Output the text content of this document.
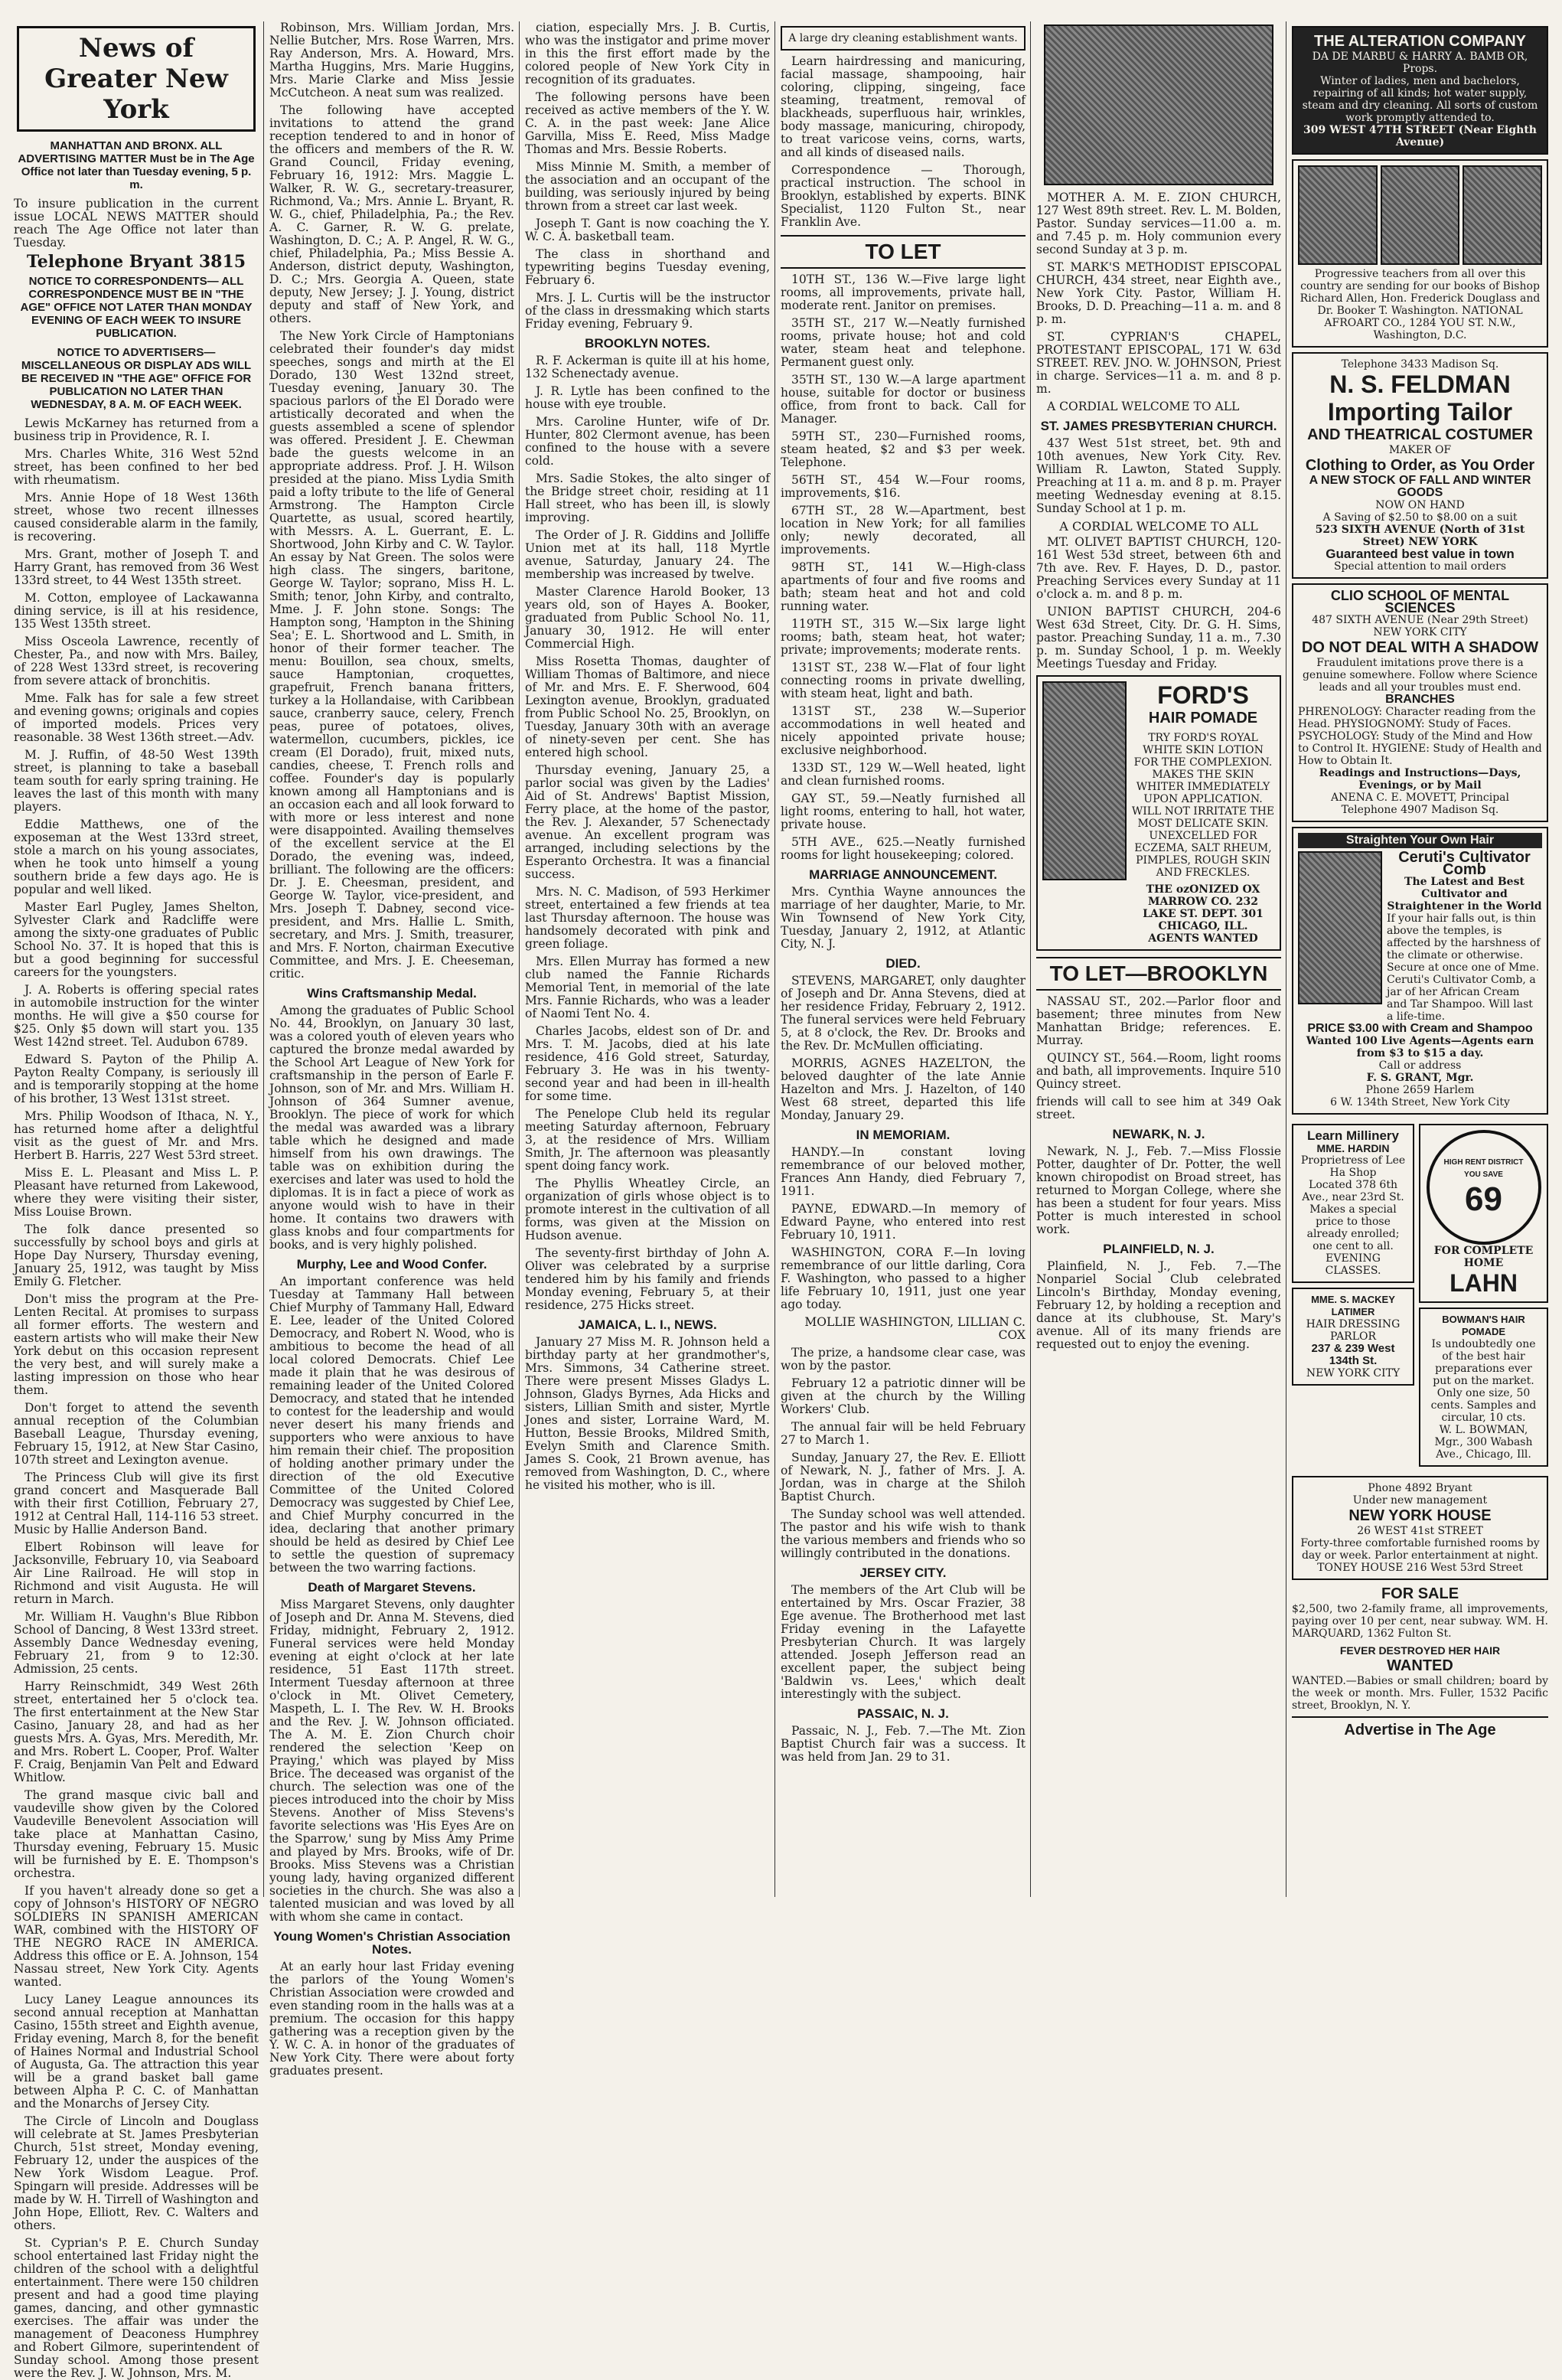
News of Greater New York
MANHATTAN AND BRONX. ALL ADVERTISING MATTER Must be in The Age Office not later than Tuesday evening, 5 p. m.

To insure publication in the current issue LOCAL NEWS MATTER should reach The Age Office not later than Tuesday.

Telephone Bryant 3815
NOTICE TO CORRESPONDENTS— ALL CORRESPONDENCE MUST BE IN "THE AGE" OFFICE NOT LATER THAN MONDAY EVENING OF EACH WEEK TO INSURE PUBLICATION.
NOTICE TO ADVERTISERS—MISCELLANEOUS OR DISPLAY ADS WILL BE RECEIVED IN "THE AGE" OFFICE FOR PUBLICATION NO LATER THAN WEDNESDAY, 8 A. M. OF EACH WEEK.

Lewis McKarney has returned from a business trip in Providence, R. I.

Mrs. Charles White, 316 West 52nd street, has been confined to her bed with rheumatism.

Mrs. Annie Hope of 18 West 136th street, whose two recent illnesses caused considerable alarm in the family, is recovering.

Mrs. Grant, mother of Joseph T. and Harry Grant, has removed from 36 West 133rd street, to 44 West 135th street.

M. Cotton, employee of Lackawanna dining service, is ill at his residence, 135 West 135th street.

Miss Osceola Lawrence, recently of Chester, Pa., and now with Mrs. Bailey, of 228 West 133rd street, is recovering from severe attack of bronchitis.

Mme. Falk has for sale a few street and evening gowns; originals and copies of imported models. Prices very reasonable. 38 West 136th street.—Adv.

M. J. Ruffin, of 48-50 West 139th street, is planning to take a baseball team south for early spring training. He leaves the last of this month with many players.

Eddie Matthews, one of the exposeman at the West 133rd street, stole a march on his young associates, when he took unto himself a young southern bride a few days ago. He is popular and well liked.

Master Earl Pugley, James Shelton, Sylvester Clark and Radcliffe were among the sixty-one graduates of Public School No. 37. It is hoped that this is but a good beginning for successful careers for the youngsters.

J. A. Roberts is offering special rates in automobile instruction for the winter months. He will give a $50 course for $25. Only $5 down will start you. 135 West 142nd street. Tel. Audubon 6789.

Edward S. Payton of the Philip A. Payton Realty Company, is seriously ill and is temporarily stopping at the home of his brother, 13 West 131st street.

Mrs. Philip Woodson of Ithaca, N. Y., has returned home after a delightful visit as the guest of Mr. and Mrs. Herbert B. Harris, 227 West 53rd street.

Miss E. L. Pleasant and Miss L. P. Pleasant have returned from Lakewood, where they were visiting their sister, Miss Louise Brown.

The folk dance presented so successfully by school boys and girls at Hope Day Nursery, Thursday evening, January 25, 1912, was taught by Miss Emily G. Fletcher.

Don't miss the program at the Pre-Lenten Recital. At promises to surpass all former efforts. The western and eastern artists who will make their New York debut on this occasion represent the very best, and will surely make a lasting impression on those who hear them.

Don't forget to attend the seventh annual reception of the Columbian Baseball League, Thursday evening, February 15, 1912, at New Star Casino, 107th street and Lexington avenue.

The Princess Club will give its first grand concert and Masquerade Ball with their first Cotillion, February 27, 1912 at Central Hall, 114-116 53 street. Music by Hallie Anderson Band.

Elbert Robinson will leave for Jacksonville, February 10, via Seaboard Air Line Railroad. He will stop in Richmond and visit Augusta. He will return in March.

Mr. William H. Vaughn's Blue Ribbon School of Dancing, 8 West 133rd street. Assembly Dance Wednesday evening, February 21, from 9 to 12:30. Admission, 25 cents.

Harry Reinschmidt, 349 West 26th street, entertained her 5 o'clock tea. The first entertainment at the New Star Casino, January 28, and had as her guests Mrs. A. Gyas, Mrs. Meredith, Mr. and Mrs. Robert L. Cooper, Prof. Walter F. Craig, Benjamin Van Pelt and Edward Whitlow.

The grand masque civic ball and vaudeville show given by the Colored Vaudeville Benevolent Association will take place at Manhattan Casino, Thursday evening, February 15. Music will be furnished by E. E. Thompson's orchestra.

If you haven't already done so get a copy of Johnson's HISTORY OF NEGRO SOLDIERS IN SPANISH AMERICAN WAR, combined with the HISTORY OF THE NEGRO RACE IN AMERICA. Address this office or E. A. Johnson, 154 Nassau street, New York City. Agents wanted.

Lucy Laney League announces its second annual reception at Manhattan Casino, 155th street and Eighth avenue, Friday evening, March 8, for the benefit of Haines Normal and Industrial School of Augusta, Ga. The attraction this year will be a grand basket ball game between Alpha P. C. C. of Manhattan and the Monarchs of Jersey City.

The Circle of Lincoln and Douglass will celebrate at St. James Presbyterian Church, 51st street, Monday evening, February 12, under the auspices of the New York Wisdom League. Prof. Spingarn will preside. Addresses will be made by W. H. Tirrell of Washington and John Hope, Elliott, Rev. C. Walters and others.

St. Cyprian's P. E. Church Sunday school entertained last Friday night the children of the school with a delightful entertainment. There were 150 children present and had a good time playing games, dancing, and other gymnastic exercises. The affair was under the management of Deaconess Humphrey and Robert Gilmore, superintendent of Sunday school. Among those present were the Rev. J. W. Johnson, Mrs. M.

Robinson, Mrs. William Jordan, Mrs. Nellie Butcher, Mrs. Rose Warren, Mrs. Ray Anderson, Mrs. A. Howard, Mrs. Martha Huggins, Mrs. Marie Huggins, Mrs. Marie Clarke and Miss Jessie McCutcheon. A neat sum was realized.

The following have accepted invitations to attend the grand reception tendered to and in honor of the officers and members of the R. W. Grand Council, Friday evening, February 16, 1912: Mrs. Maggie L. Walker, R. W. G., secretary-treasurer, Richmond, Va.; Mrs. Annie L. Bryant, R. W. G., chief, Philadelphia, Pa.; the Rev. A. C. Garner, R. W. G. prelate, Washington, D. C.; A. P. Angel, R. W. G., chief, Philadelphia, Pa.; Miss Bessie A. Anderson, district deputy, Washington, D. C.; Mrs. Georgia A. Queen, state deputy, New Jersey; J. J. Young, district deputy and staff of New York, and others.

The New York Circle of Hamptonians celebrated their founder's day midst speeches, songs and mirth at the El Dorado, 130 West 132nd street, Tuesday evening, January 30. The spacious parlors of the El Dorado were artistically decorated and when the guests assembled a scene of splendor was offered. President J. E. Chewman bade the guests welcome in an appropriate address. Prof. J. H. Wilson presided at the piano. Miss Lydia Smith paid a lofty tribute to the life of General Armstrong. The Hampton Circle Quartette, as usual, scored heartily, with Messrs. A. L. Guerrant, E. L. Shortwood, John Kirby and C. W. Taylor. An essay by Nat Green. The solos were high class. The singers, baritone, George W. Taylor; soprano, Miss H. L. Smith; tenor, John Kirby, and contralto, Mme. J. F. John stone. Songs: The Hampton song, 'Hampton in the Shining Sea'; E. L. Shortwood and L. Smith, in honor of their former teacher. The menu: Bouillon, sea choux, smelts, sauce Hamptonian, croquettes, grapefruit, French banana fritters, turkey a la Hollandaise, with Caribbean sauce, cranberry sauce, celery, French peas, puree of potatoes, olives, watermellon, cucumbers, pickles, ice cream (El Dorado), fruit, mixed nuts, candies, cheese, T. French rolls and coffee. Founder's day is popularly known among all Hamptonians and is an occasion each and all look forward to with more or less interest and none were disappointed. Availing themselves of the excellent service at the El Dorado, the evening was, indeed, brilliant. The following are the officers: Dr. J. E. Cheesman, president, and George W. Taylor, vice-president, and Mrs. Joseph T. Dabney, second vice-president, and Mrs. Hallie L. Smith, secretary, and Mrs. J. Smith, treasurer, and Mrs. F. Norton, chairman Executive Committee, and Mrs. J. E. Cheeseman, critic.

Wins Craftsmanship Medal.

Among the graduates of Public School No. 44, Brooklyn, on January 30 last, was a colored youth of eleven years who captured the bronze medal awarded by the School Art League of New York for craftsmanship in the person of Earle F. Johnson, son of Mr. and Mrs. William H. Johnson of 364 Sumner avenue, Brooklyn. The piece of work for which the medal was awarded was a library table which he designed and made himself from his own drawings. The table was on exhibition during the exercises and later was used to hold the diplomas. It is in fact a piece of work as anyone would wish to have in their home. It contains two drawers with glass knobs and four compartments for books, and is very highly polished.

Murphy, Lee and Wood Confer.

An important conference was held Tuesday at Tammany Hall between Chief Murphy of Tammany Hall, Edward E. Lee, leader of the United Colored Democracy, and Robert N. Wood, who is ambitious to become the head of all local colored Democrats. Chief Lee made it plain that he was desirous of remaining leader of the United Colored Democracy, and stated that he intended to contest for the leadership and would never desert his many friends and supporters who were anxious to have him remain their chief. The proposition of holding another primary under the direction of the old Executive Committee of the United Colored Democracy was suggested by Chief Lee, and Chief Murphy concurred in the idea, declaring that another primary should be held as desired by Chief Lee to settle the question of supremacy between the two warring factions.

Death of Margaret Stevens.

Miss Margaret Stevens, only daughter of Joseph and Dr. Anna M. Stevens, died Friday, midnight, February 2, 1912. Funeral services were held Monday evening at eight o'clock at her late residence, 51 East 117th street. Interment Tuesday afternoon at three o'clock in Mt. Olivet Cemetery, Maspeth, L. I. The Rev. W. H. Brooks and the Rev. J. W. Johnson officiated. The A. M. E. Zion Church choir rendered the selection 'Keep on Praying,' which was played by Miss Brice. The deceased was organist of the church. The selection was one of the pieces introduced into the choir by Miss Stevens. Another of Miss Stevens's favorite selections was 'His Eyes Are on the Sparrow,' sung by Miss Amy Prime and played by Mrs. Brooks, wife of Dr. Brooks. Miss Stevens was a Christian young lady, having organized different societies in the church. She was also a talented musician and was loved by all with whom she came in contact.

Young Women's Christian Association Notes.

At an early hour last Friday evening the parlors of the Young Women's Christian Association were crowded and even standing room in the halls was at a premium. The occasion for this happy gathering was a reception given by the Y. W. C. A. in honor of the graduates of New York City. There were about forty graduates present.

ciation, especially Mrs. J. B. Curtis, who was the instigator and prime mover in this the first effort made by the colored people of New York City in recognition of its graduates.

The following persons have been received as active members of the Y. W. C. A. in the past week: Jane Alice Garvilla, Miss E. Reed, Miss Madge Thomas and Mrs. Bessie Roberts.

Miss Minnie M. Smith, a member of the association and an occupant of the building, was seriously injured by being thrown from a street car last week.

Joseph T. Gant is now coaching the Y. W. C. A. basketball team.

The class in shorthand and typewriting begins Tuesday evening, February 6.

Mrs. J. L. Curtis will be the instructor of the class in dressmaking which starts Friday evening, February 9.

BROOKLYN NOTES.

R. F. Ackerman is quite ill at his home, 132 Schenectady avenue.

J. R. Lytle has been confined to the house with eye trouble.

Mrs. Caroline Hunter, wife of Dr. Hunter, 802 Clermont avenue, has been confined to the house with a severe cold.

Mrs. Sadie Stokes, the alto singer of the Bridge street choir, residing at 11 Hall street, who has been ill, is slowly improving.

The Order of J. R. Giddins and Jolliffe Union met at its hall, 118 Myrtle avenue, Saturday, January 24. The membership was increased by twelve.

Master Clarence Harold Booker, 13 years old, son of Hayes A. Booker, graduated from Public School No. 11, January 30, 1912. He will enter Commercial High.

Miss Rosetta Thomas, daughter of William Thomas of Baltimore, and niece of Mr. and Mrs. E. F. Sherwood, 604 Lexington avenue, Brooklyn, graduated from Public School No. 25, Brooklyn, on Tuesday, January 30th with an average of ninety-seven per cent. She has entered high school.

Thursday evening, January 25, a parlor social was given by the Ladies' Aid of St. Andrews' Baptist Mission, Ferry place, at the home of the pastor, the Rev. J. Alexander, 57 Schenectady avenue. An excellent program was arranged, including selections by the Esperanto Orchestra. It was a financial success.

Mrs. N. C. Madison, of 593 Herkimer street, entertained a few friends at tea last Thursday afternoon. The house was handsomely decorated with pink and green foliage.

Mrs. Ellen Murray has formed a new club named the Fannie Richards Memorial Tent, in memorial of the late Mrs. Fannie Richards, who was a leader of Naomi Tent No. 4.

Charles Jacobs, eldest son of Dr. and Mrs. T. M. Jacobs, died at his late residence, 416 Gold street, Saturday, February 3. He was in his twenty-second year and had been in ill-health for some time.

The Penelope Club held its regular meeting Saturday afternoon, February 3, at the residence of Mrs. William Smith, Jr. The afternoon was pleasantly spent doing fancy work.

The Phyllis Wheatley Circle, an organization of girls whose object is to promote interest in the cultivation of all forms, was given at the Mission on Hudson avenue.

The seventy-first birthday of John A. Oliver was celebrated by a surprise tendered him by his family and friends Monday evening, February 5, at their residence, 275 Hicks street.

JAMAICA, L. I., NEWS.

January 27 Miss M. R. Johnson held a birthday party at her grandmother's, Mrs. Simmons, 34 Catherine street. There were present Misses Gladys L. Johnson, Gladys Byrnes, Ada Hicks and sisters, Lillian Smith and sister, Myrtle Jones and sister, Lorraine Ward, M. Hutton, Bessie Brooks, Mildred Smith, Evelyn Smith and Clarence Smith. James S. Cook, 21 Brown avenue, has removed from Washington, D. C., where he visited his mother, who is ill.

A large dry cleaning establishment wants.

Learn hairdressing and manicuring, facial massage, shampooing, hair coloring, clipping, singeing, face steaming, treatment, removal of blackheads, superfluous hair, wrinkles, body massage, manicuring, chiropody, to treat varicose veins, corns, warts, and all kinds of diseased nails.

Correspondence — Thorough, practical instruction. The school in Brooklyn, established by experts. BINK Specialist, 1120 Fulton St., near Franklin Ave.

TO LET

10TH ST., 136 W.—Five large light rooms, all improvements, private hall, moderate rent. Janitor on premises.

35TH ST., 217 W.—Neatly furnished rooms, private house; hot and cold water, steam heat and telephone. Permanent guest only.

35TH ST., 130 W.—A large apartment house, suitable for doctor or business office, from front to back. Call for Manager.

59TH ST., 230—Furnished rooms, steam heated, $2 and $3 per week. Telephone.

56TH ST., 454 W.—Four rooms, improvements, $16.

67TH ST., 28 W.—Apartment, best location in New York; for all families only; newly decorated, all improvements.

98TH ST., 141 W.—High-class apartments of four and five rooms and bath; steam heat and hot and cold running water.

119TH ST., 315 W.—Six large light rooms; bath, steam heat, hot water; private; improvements; moderate rents.

131ST ST., 238 W.—Flat of four light connecting rooms in private dwelling, with steam heat, light and bath.

131ST ST., 238 W.—Superior accommodations in well heated and nicely appointed private house; exclusive neighborhood.

133D ST., 129 W.—Well heated, light and clean furnished rooms.

GAY ST., 59.—Neatly furnished all light rooms, entering to hall, hot water, private house.

5TH AVE., 625.—Neatly furnished rooms for light housekeeping; colored.

MARRIAGE ANNOUNCEMENT.

Mrs. Cynthia Wayne announces the marriage of her daughter, Marie, to Mr. Win Townsend of New York City, Tuesday, January 2, 1912, at Atlantic City, N. J.

DIED.

STEVENS, MARGARET, only daughter of Joseph and Dr. Anna Stevens, died at her residence Friday, February 2, 1912. The funeral services were held February 5, at 8 o'clock, the Rev. Dr. Brooks and the Rev. Dr. McMullen officiating.

MORRIS, AGNES HAZELTON, the beloved daughter of the late Annie Hazelton and Mrs. J. Hazelton, of 140 West 68 street, departed this life Monday, January 29.

IN MEMORIAM.

HANDY.—In constant loving remembrance of our beloved mother, Frances Ann Handy, died February 7, 1911.

PAYNE, EDWARD.—In memory of Edward Payne, who entered into rest February 10, 1911.

WASHINGTON, CORA F.—In loving remembrance of our little darling, Cora F. Washington, who passed to a higher life February 10, 1911, just one year ago today.

MOLLIE WASHINGTON, LILLIAN C. COX

The prize, a handsome clear case, was won by the pastor.

February 12 a patriotic dinner will be given at the church by the Willing Workers' Club.

The annual fair will be held February 27 to March 1.

Sunday, January 27, the Rev. E. Elliott of Newark, N. J., father of Mrs. J. A. Jordan, was in charge at the Shiloh Baptist Church.

The Sunday school was well attended. The pastor and his wife wish to thank the various members and friends who so willingly contributed in the donations.

JERSEY CITY.

The members of the Art Club will be entertained by Mrs. Oscar Frazier, 38 Ege avenue. The Brotherhood met last Friday evening in the Lafayette Presbyterian Church. It was largely attended. Joseph Jefferson read an excellent paper, the subject being 'Baldwin vs. Lees,' which dealt interestingly with the subject.

PASSAIC, N. J.

Passaic, N. J., Feb. 7.—The Mt. Zion Baptist Church fair was a success. It was held from Jan. 29 to 31.

MOTHER A. M. E. ZION CHURCH, 127 West 89th street. Rev. L. M. Bolden, Pastor. Sunday services—11.00 a. m. and 7.45 p. m. Holy communion every second Sunday at 3 p. m.

ST. MARK'S METHODIST EPISCOPAL CHURCH, 434 street, near Eighth ave., New York City. Pastor, William H. Brooks, D. D. Preaching—11 a. m. and 8 p. m.

ST. CYPRIAN'S CHAPEL, PROTESTANT EPISCOPAL, 171 W. 63d STREET. REV. JNO. W. JOHNSON, Priest in charge. Services—11 a. m. and 8 p. m.

A CORDIAL WELCOME TO ALL

ST. JAMES PRESBYTERIAN CHURCH.

437 West 51st street, bet. 9th and 10th avenues, New York City. Rev. William R. Lawton, Stated Supply. Preaching at 11 a. m. and 8 p. m. Prayer meeting Wednesday evening at 8.15. Sunday School at 1 p. m.

A CORDIAL WELCOME TO ALL

MT. OLIVET BAPTIST CHURCH, 120-161 West 53d street, between 6th and 7th ave. Rev. F. Hayes, D. D., pastor. Preaching Services every Sunday at 11 o'clock a. m. and 8 p. m.

UNION BAPTIST CHURCH, 204-6 West 63d Street, City. Dr. G. H. Sims, pastor. Preaching Sunday, 11 a. m., 7.30 p. m. Sunday School, 1 p. m. Weekly Meetings Tuesday and Friday.

FORD'S
HAIR POMADE
TRY FORD'S ROYAL WHITE SKIN LOTION FOR THE COMPLEXION. MAKES THE SKIN WHITER IMMEDIATELY UPON APPLICATION. WILL NOT IRRITATE THE MOST DELICATE SKIN. UNEXCELLED FOR ECZEMA, SALT RHEUM, PIMPLES, ROUGH SKIN AND FRECKLES.
THE ozONIZED OX MARROW CO. 232 LAKE ST. DEPT. 301 CHICAGO, ILL. AGENTS WANTED
TO LET—BROOKLYN

NASSAU ST., 202.—Parlor floor and basement; three minutes from New Manhattan Bridge; references. E. Murray.

QUINCY ST., 564.—Room, light rooms and bath, all improvements. Inquire 510 Quincy street.

friends will call to see him at 349 Oak street.

NEWARK, N. J.

Newark, N. J., Feb. 7.—Miss Flossie Potter, daughter of Dr. Potter, the well known chiropodist on Broad street, has returned to Morgan College, where she has been a student for four years. Miss Potter is much interested in school work.

PLAINFIELD, N. J.

Plainfield, N. J., Feb. 7.—The Nonpariel Social Club celebrated Lincoln's Birthday, Monday evening, February 12, by holding a reception and dance at its clubhouse, St. Mary's avenue. All of its many friends are requested out to enjoy the evening.

THE ALTERATION COMPANY
DA DE MARBU & HARRY A. BAMB OR, Props.
Winter of ladies, men and bachelors, repairing of all kinds; hot water supply, steam and dry cleaning. All sorts of custom work promptly attended to.
309 WEST 47TH STREET (Near Eighth Avenue)
Progressive teachers from all over this country are sending for our books of Bishop Richard Allen, Hon. Frederick Douglass and Dr. Booker T. Washington. NATIONAL AFROART CO., 1284 YOU ST. N.W., Washington, D.C.
Telephone 3433 Madison Sq.
N. S. FELDMAN
Importing Tailor
AND THEATRICAL COSTUMER
MAKER OF
Clothing to Order, as You Order
A NEW STOCK OF FALL AND WINTER GOODS
NOW ON HAND
A Saving of $2.50 to $8.00 on a suit
523 SIXTH AVENUE (North of 31st Street) NEW YORK
Guaranteed best value in town
Special attention to mail orders
CLIO SCHOOL OF MENTAL SCIENCES
487 SIXTH AVENUE (Near 29th Street) NEW YORK CITY
DO NOT DEAL WITH A SHADOW
Fraudulent imitations prove there is a genuine somewhere. Follow where Science leads and all your troubles must end.
BRANCHES
PHRENOLOGY: Character reading from the Head. PHYSIOGNOMY: Study of Faces. PSYCHOLOGY: Study of the Mind and How to Control It. HYGIENE: Study of Health and How to Obtain It.
Readings and Instructions—Days, Evenings, or by Mail
ANENA C. E. MOVETT, Principal
Telephone 4907 Madison Sq.
Straighten Your Own Hair
Ceruti's Cultivator Comb
The Latest and Best Cultivator and Straightener in the World
If your hair falls out, is thin above the temples, is affected by the harshness of the climate or otherwise. Secure at once one of Mme. Ceruti's Cultivator Comb, a jar of her African Cream and Tar Shampoo. Will last a life-time.
PRICE $3.00 with Cream and Shampoo
Wanted 100 Live Agents—Agents earn from $3 to $15 a day.
Call or address
F. S. GRANT, Mgr.
Phone 2659 Harlem
6 W. 134th Street, New York City
Learn Millinery
MME. HARDIN
Proprietress of Lee Ha Shop
Located 378 6th Ave., near 23rd St. Makes a special price to those already enrolled; one cent to all. EVENING CLASSES.
MME. S. MACKEY LATIMER
HAIR DRESSING PARLOR
237 & 239 West 134th St.
NEW YORK CITY
HIGH RENT DISTRICT YOU SAVE
69
FOR COMPLETE HOME
LAHN
BOWMAN'S HAIR POMADE
Is undoubtedly one of the best hair preparations ever put on the market. Only one size, 50 cents. Samples and circular, 10 cts.
W. L. BOWMAN, Mgr., 300 Wabash Ave., Chicago, Ill.
Phone 4892 Bryant
Under new management
NEW YORK HOUSE
26 WEST 41st STREET
Forty-three comfortable furnished rooms by day or week. Parlor entertainment at night.
TONEY HOUSE 216 West 53rd Street
FOR SALE

$2,500, two 2-family frame, all improvements, paying over 10 per cent, near subway. WM. H. MARQUARD, 1362 Fulton St.

FEVER DESTROYED HER HAIR
WANTED

WANTED.—Babies or small children; board by the week or month. Mrs. Fuller, 1532 Pacific street, Brooklyn, N. Y.

Advertise in The Age
